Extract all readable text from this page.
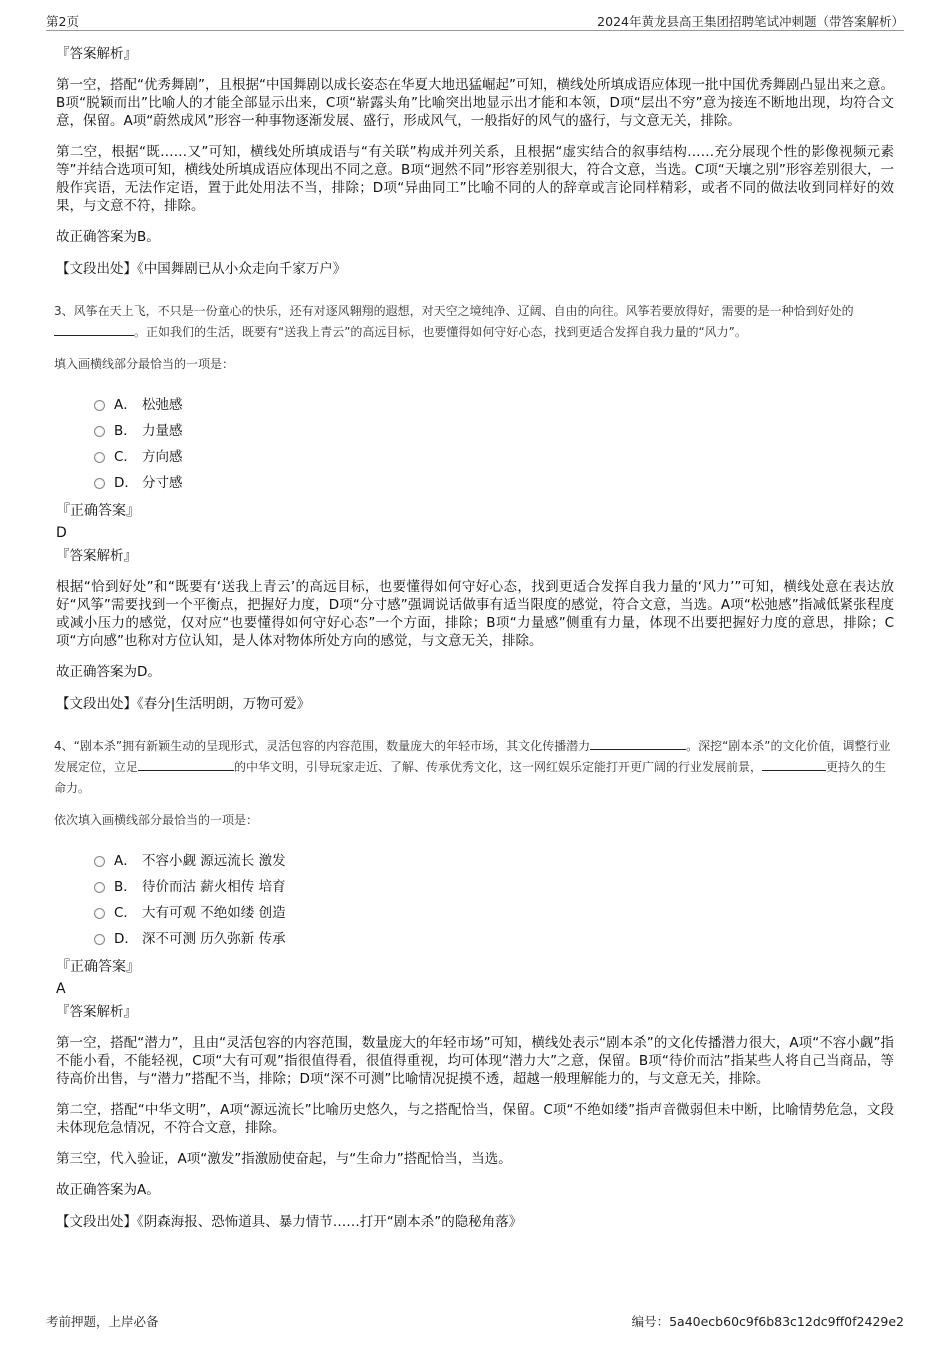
第2页	2024年黄龙县高王集团招聘笔试冲刺题（带答案解析）
『答案解析』

第一空，搭配“优秀舞剧”，且根据“中国舞剧以成长姿态在华夏大地迅猛崛起”可知，横线处所填成语应体现一批中国优秀舞剧凸显出来之意。B项“脱颖而出”比喻人的才能全部显示出来，C项“崭露头角”比喻突出地显示出才能和本领，D项“层出不穷”意为接连不断地出现，均符合文意，保留。A项“蔚然成风”形容一种事物逐渐发展、盛行，形成风气，一般指好的风气的盛行，与文意无关，排除。

第二空，根据“既……又”可知，横线处所填成语与“有关联”构成并列关系，且根据“虚实结合的叙事结构……充分展现个性的影像视频元素等”并结合选项可知，横线处所填成语应体现出不同之意。B项“迥然不同”形容差别很大，符合文意，当选。C项“天壤之别”形容差别很大，一般作宾语，无法作定语，置于此处用法不当，排除；D项“异曲同工”比喻不同的人的辞章或言论同样精彩，或者不同的做法收到同样好的效果，与文意不符，排除。

故正确答案为B。

【文段出处】《中国舞剧已从小众走向千家万户》
3、风筝在天上飞，不只是一份童心的快乐，还有对逐风翱翔的遐想，对天空之境纯净、辽阔、自由的向往。风筝若要放得好，需要的是一种恰到好处的。正如我们的生活，既要有“送我上青云”的高远目标，也要懂得如何守好心态，找到更适合发挥自我力量的“风力”。
填入画横线部分最恰当的一项是：
A． 松弛感
B． 力量感
C． 方向感
D． 分寸感
『正确答案』
D
『答案解析』

根据“恰到好处”和“既要有‘送我上青云’的高远目标，也要懂得如何守好心态，找到更适合发挥自我力量的‘风力’”可知，横线处意在表达放好“风筝”需要找到一个平衡点，把握好力度，D项“分寸感”强调说话做事有适当限度的感觉，符合文意，当选。A项“松弛感”指减低紧张程度或减小压力的感觉，仅对应“也要懂得如何守好心态”一个方面，排除；B项“力量感”侧重有力量，体现不出要把握好力度的意思，排除；C项“方向感”也称对方位认知，是人体对物体所处方向的感觉，与文意无关，排除。

故正确答案为D。

【文段出处】《春分|生活明朗，万物可爱》
4、“剧本杀”拥有新颖生动的呈现形式，灵活包容的内容范围，数量庞大的年轻市场，其文化传播潜力	。深挖“剧本杀”的文化价值，调整行业发展定位，立足	的中华文明，引导玩家走近、了解、传承优秀文化，这一网红娱乐定能打开更广阔的行业发展前景，	更持久的生命力。
依次填入画横线部分最恰当的一项是：
A． 不容小觑 源远流长 激发
B． 待价而沽 薪火相传 培育
C． 大有可观 不绝如缕 创造
D． 深不可测 历久弥新 传承
『正确答案』
A
『答案解析』

第一空，搭配“潜力”，且由“灵活包容的内容范围，数量庞大的年轻市场”可知，横线处表示“剧本杀”的文化传播潜力很大，A项“不容小觑”指不能小看，不能轻视，C项“大有可观”指很值得看，很值得重视，均可体现“潜力大”之意，保留。B项“待价而沽”指某些人将自己当商品，等待高价出售，与“潜力”搭配不当，排除；D项“深不可测”比喻情况捉摸不透，超越一般理解能力的，与文意无关，排除。

第二空，搭配“中华文明”，A项“源远流长”比喻历史悠久，与之搭配恰当，保留。C项“不绝如缕”指声音微弱但未中断，比喻情势危急，文段未体现危急情况，不符合文意，排除。

第三空，代入验证，A项“激发”指激励使奋起，与“生命力”搭配恰当，当选。

故正确答案为A。

【文段出处】《阴森海报、恐怖道具、暴力情节……打开“剧本杀”的隐秘角落》
考前押题，上岸必备	编号：5a40ecb60c9f6b83c12dc9ff0f2429e2
